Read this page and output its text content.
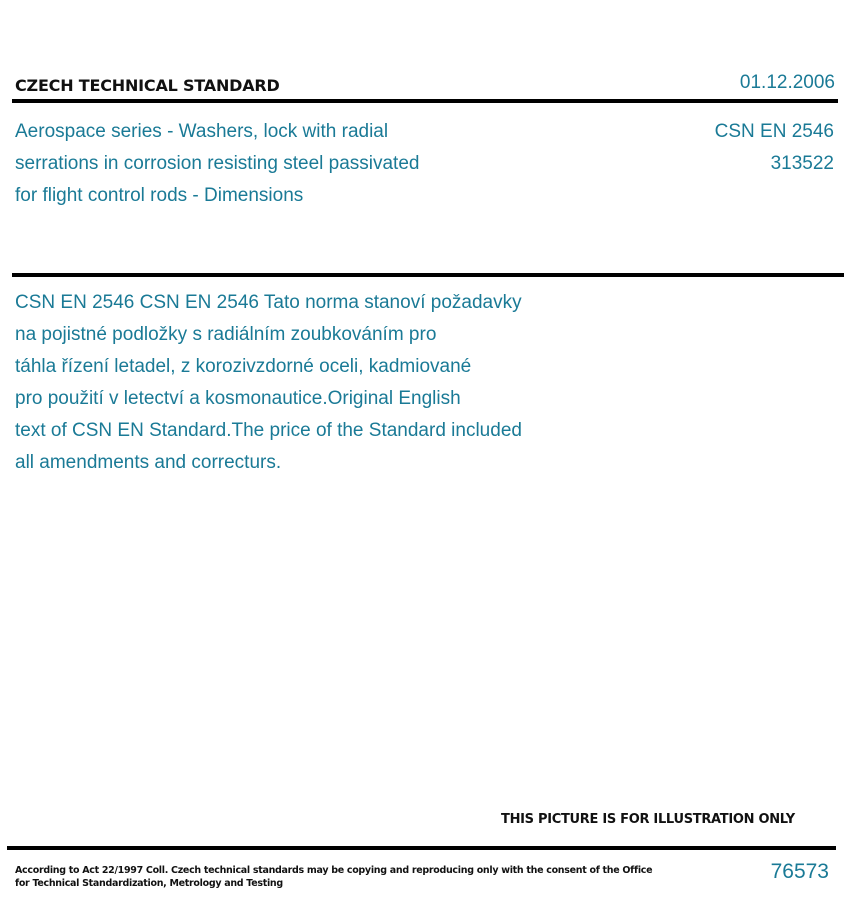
CZECH TECHNICAL STANDARD	01.12.2006
Aerospace series - Washers, lock with radial
serrations in corrosion resisting steel passivated
for flight control rods - Dimensions
CSN EN 2546
313522
CSN EN 2546 CSN EN 2546 Tato norma stanoví požadavky
na pojistné podložky s radiálním zoubkováním pro
táhla řízení letadel, z korozivzdorné oceli, kadmiované
pro použití v letectví a kosmonautice.Original English
text of CSN EN Standard.The price of the Standard included
all amendments and correcturs.
THIS PICTURE IS FOR ILLUSTRATION ONLY
According to Act 22/1997 Coll. Czech technical standards may be copying and reproducing only with the consent of the Office
for Technical Standardization, Metrology and Testing
76573
